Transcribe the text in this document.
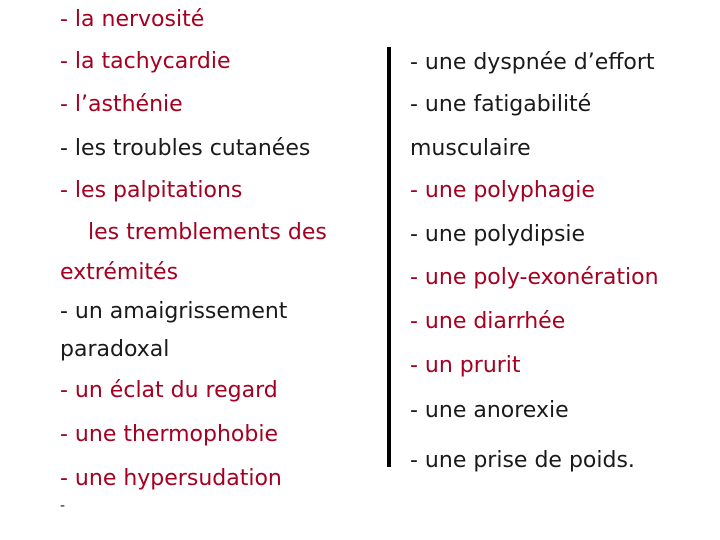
- la nervosité
- la tachycardie
- l’asthénie
- les troubles cutanées
- les palpitations
les tremblements des
extrémités
- un amaigrissement
paradoxal
- un éclat du regard
- une thermophobie
- une hypersudation
-
- une dyspnée d’effort
- une fatigabilité
musculaire
- une polyphagie
- une polydipsie
- une poly-exonération
- une diarrhée
- un prurit
- une anorexie
- une prise de poids.
